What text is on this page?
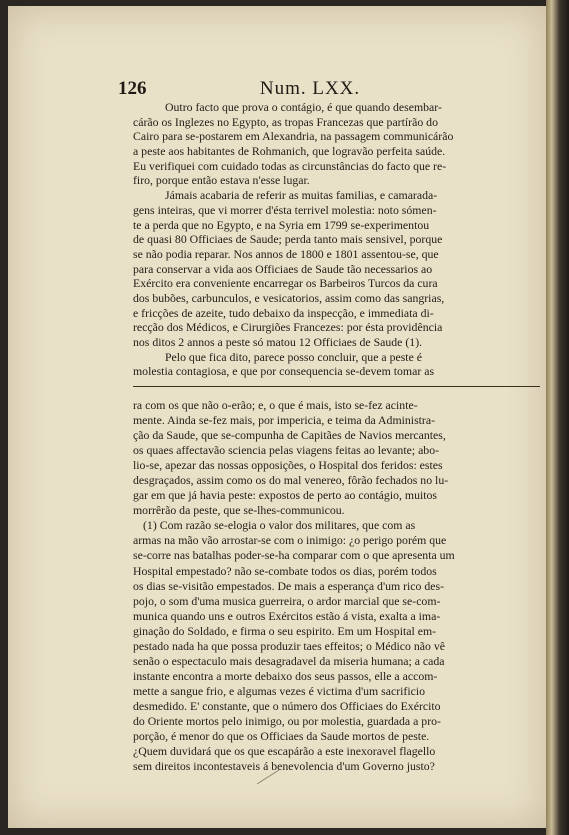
126	Num. LXX.
Outro facto que prova o contágio, é que quando desembar-
cárão os Inglezes no Egypto, as tropas Francezas que partírão do
Cairo para se-postarem em Alexandria, na passagem communicárão
a peste aos habitantes de Rohmanich, que logravão perfeita saúde.
Eu verifiquei com cuidado todas as circunstâncias do facto que re-
firo, porque então estava n'esse lugar.
Jámais acabaria de referir as muitas familias, e camarada-
gens inteiras, que vi morrer d'ésta terrivel molestia: noto sómen-
te a perda que no Egypto, e na Syria em 1799 se-experimentou
de quasi 80 Officiaes de Saude; perda tanto mais sensivel, porque
se não podia reparar. Nos annos de 1800 e 1801 assentou-se, que
para conservar a vida aos Officiaes de Saude tão necessarios ao
Exército era conveniente encarregar os Barbeiros Turcos da cura
dos bubões, carbunculos, e vesicatorios, assim como das sangrias,
e fricções de azeite, tudo debaixo da inspecção, e immediata di-
recção dos Médicos, e Cirurgiões Francezes: por ésta providência
nos ditos 2 annos a peste só matou 12 Officiaes de Saude (1).
Pelo que fica dito, parece posso concluir, que a peste é
molestia contagiosa, e que por consequencia se-devem tomar as
ra com os que não o-erão; e, o que é mais, isto se-fez acinte-
mente. Ainda se-fez mais, por impericia, e teima da Administra-
ção da Saude, que se-compunha de Capitães de Navios mercantes,
os quaes affectavão sciencia pelas viagens feitas ao levante; abo-
lio-se, apezar das nossas opposições, o Hospital dos feridos: estes
desgraçados, assim como os do mal venereo, fôrão fechados no lu-
gar em que já havia peste: expostos de perto ao contágio, muitos
morrêrão da peste, que se-lhes-communicou.
(1) Com razão se-elogia o valor dos militares, que com as
armas na mão vão arrostar-se com o inimigo: ¿o perigo porém que
se-corre nas batalhas poder-se-ha comparar com o que apresenta um
Hospital empestado? não se-combate todos os dias, porém todos
os dias se-visitão empestados. De mais a esperança d'um rico des-
pojo, o som d'uma musica guerreira, o ardor marcial que se-com-
munica quando uns e outros Exércitos estão á vista, exalta a ima-
ginação do Soldado, e firma o seu espirito. Em um Hospital em-
pestado nada ha que possa produzir taes effeitos; o Médico não vê
senão o espectaculo mais desagradavel da miseria humana; a cada
instante encontra a morte debaixo dos seus passos, elle a accom-
mette a sangue frio, e algumas vezes é victima d'um sacrificio
desmedido. E' constante, que o número dos Officiaes do Exército
do Oriente mortos pelo inimigo, ou por molestia, guardada a pro-
porção, é menor do que os Officiaes da Saude mortos de peste.
¿Quem duvidará que os que escapárão a este inexoravel flagello
sem direitos incontestaveis á benevolencia d'um Governo justo?
